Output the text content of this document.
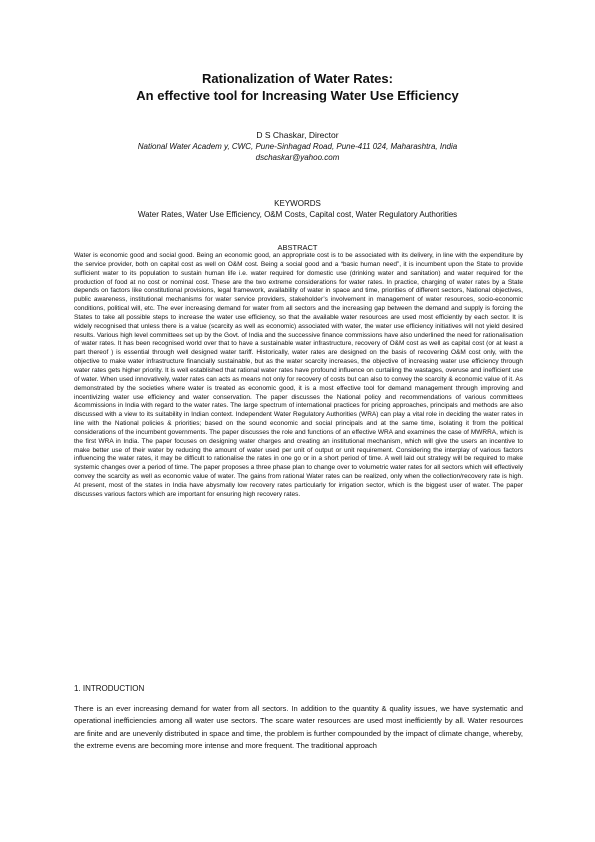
Rationalization of Water Rates:
An effective tool for Increasing Water Use Efficiency
D S Chaskar, Director
National Water Academ y, CWC, Pune-Sinhagad Road, Pune-411 024, Maharashtra, India
dschaskar@yahoo.com
KEYWORDS
Water Rates, Water Use Efficiency, O&M Costs, Capital cost, Water Regulatory Authorities
ABSTRACT

Water is economic good and social good. Being an economic good, an appropriate cost is to be associated with its delivery, in line with the expenditure by the service provider, both on capital cost as well on O&M cost. Being a social good and a “basic human need”, it is incumbent upon the State to provide sufficient water to its population to sustain human life i.e. water required for domestic use (drinking water and sanitation) and water required for the production of food at no cost or nominal cost. These are the two extreme considerations for water rates. In practice, charging of water rates by a State depends on factors like constitutional provisions, legal framework, availability of water in space and time, priorities of different sectors, National objectives, public awareness, institutional mechanisms for water service providers, stakeholder’s involvement in management of water resources, socio-economic conditions, political will, etc. The ever increasing demand for water from all sectors and the increasing gap between the demand and supply is forcing the States to take all possible steps to increase the water use efficiency, so that the available water resources are used most efficiently by each sector. It is widely recognised that unless there is a value (scarcity as well as economic) associated with water, the water use efficiency initiatives will not yield desired results. Various high level committees set up by the Govt. of India and the successive finance commissions have also underlined the need for rationalisation of water rates. It has been recognised world over that to have a sustainable water infrastructure, recovery of O&M cost as well as capital cost (or at least a part thereof ) is essential through well designed water tariff. Historically, water rates are designed on the basis of recovering O&M cost only, with the objective to make water infrastructure financially sustainable, but as the water scarcity increases, the objective of increasing water use efficiency through water rates gets higher priority. It is well established that rational water rates have profound influence on curtailing the wastages, overuse and inefficient use of water. When used innovatively, water rates can acts as means not only for recovery of costs but can also to convey the scarcity & economic value of it. As demonstrated by the societies where water is treated as economic good, it is a most effective tool for demand management through improving and incentivizing water use efficiency and water conservation. The paper discusses the National policy and recommendations of various committees &commissions in India with regard to the water rates. The large spectrum of international practices for pricing approaches, principals and methods are also discussed with a view to its suitability in Indian context. Independent Water Regulatory Authorities (WRA) can play a vital role in deciding the water rates in line with the National policies & priorities; based on the sound economic and social principals and at the same time, isolating it from the political considerations of the incumbent governments. The paper discusses the role and functions of an effective WRA and examines the case of MWRRA, which is the first WRA in India. The paper focuses on designing water charges and creating an institutional mechanism, which will give the users an incentive to make better use of their water by reducing the amount of water used per unit of output or unit requirement. Considering the interplay of various factors influencing the water rates, it may be difficult to rationalise the rates in one go or in a short period of time. A well laid out strategy will be required to make systemic changes over a period of time. The paper proposes a three phase plan to change over to volumetric water rates for all sectors which will effectively convey the scarcity as well as economic value of water. The gains from rational Water rates can be realized, only when the collection/recovery rate is high. At present, most of the states in India have abysmally low recovery rates particularly for irrigation sector, which is the biggest user of water. The paper discusses various factors which are important for ensuring high recovery rates.

1. INTRODUCTION

There is an ever increasing demand for water from all sectors. In addition to the quantity & quality issues, we have systematic and operational inefficiencies among all water use sectors. The scare water resources are used most inefficiently by all. Water resources are finite and are unevenly distributed in space and time, the problem is further compounded by the impact of climate change, whereby, the extreme evens are becoming more intense and more frequent. The traditional approach
